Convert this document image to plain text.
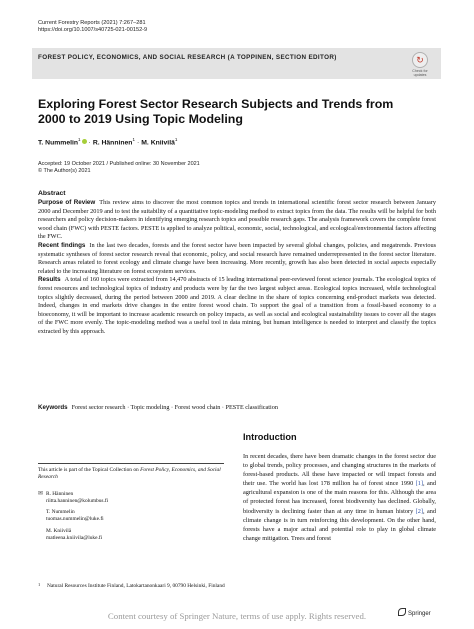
Current Forestry Reports (2021) 7:267–281
https://doi.org/10.1007/s40725-021-00152-9
FOREST POLICY, ECONOMICS, AND SOCIAL RESEARCH (A TOPPINEN, SECTION EDITOR)	↻
Check for
updates
Exploring Forest Sector Research Subjects and Trends from 2000 to 2019 Using Topic Modeling
T. Nummelin$^1$ · R. Hänninen$^1$ · M. Kniivilä$^1$
Accepted: 19 October 2021 / Published online: 30 November 2021
© The Author(s) 2021
Abstract
Purpose of Review This review aims to discover the most common topics and trends in international scientific forest sector research between January 2000 and December 2019 and to test the suitability of a quantitative topic-modeling method to extract topics from the data. The results will be helpful for both researchers and policy decision-makers in identifying emerging research topics and possible research gaps. The analysis framework covers the complete forest wood chain (FWC) with PESTE factors. PESTE is applied to analyze political, economic, social, technological, and ecological/environmental factors affecting the FWC.
Recent findings In the last two decades, forests and the forest sector have been impacted by several global changes, policies, and megatrends. Previous systematic syntheses of forest sector research reveal that economic, policy, and social research have remained underrepresented in the forest sector literature. Research areas related to forest ecology and climate change have been increasing. More recently, growth has also been detected in social aspects especially related to the increasing literature on forest ecosystem services.
Results A total of 160 topics were extracted from 14,470 abstracts of 15 leading international peer-reviewed forest science journals. The ecological topics of forest resources and technological topics of industry and products were by far the two largest subject areas. Ecological topics increased, while technological topics slightly decreased, during the period between 2000 and 2019. A clear decline in the share of topics concerning end-product markets was detected. Indeed, changes in end markets drive changes in the entire forest wood chain. To support the goal of a transition from a fossil-based economy to a bioeconomy, it will be important to increase academic research on policy impacts, as well as social and ecological sustainability issues to cover all the stages of the FWC more evenly. The topic-modeling method was a useful tool in data mining, but human intelligence is needed to interpret and classify the topics extracted by this approach.
Keywords Forest sector research · Topic modeling · Forest wood chain · PESTE classification
This article is part of the Topical Collection on Forest Policy, Economics, and Social Research
✉ R. Hänninen
riitta.hanninen@kolumbus.fi
T. Nummelin
tuomas.nummelin@luke.fi
M. Kniivilä
matleena.kniivila@luke.fi
1 Natural Resources Institute Finland, Latokartanonkaari 9, 00790 Helsinki, Finland
Introduction
In recent decades, there have been dramatic changes in the forest sector due to global trends, policy processes, and changing structures in the markets of forest-based products. All these have impacted or will impact forests and their use. The world has lost 178 million ha of forest since 1990 [1], and agricultural expansion is one of the main reasons for this. Although the area of protected forest has increased, forest biodiversity has declined. Globally, biodiversity is declining faster than at any time in human history [2], and climate change is in turn reinforcing this development. On the other hand, forests have a major actual and potential role to play in global climate change mitigation. Trees and forest
Springer
Content courtesy of Springer Nature, terms of use apply. Rights reserved.
